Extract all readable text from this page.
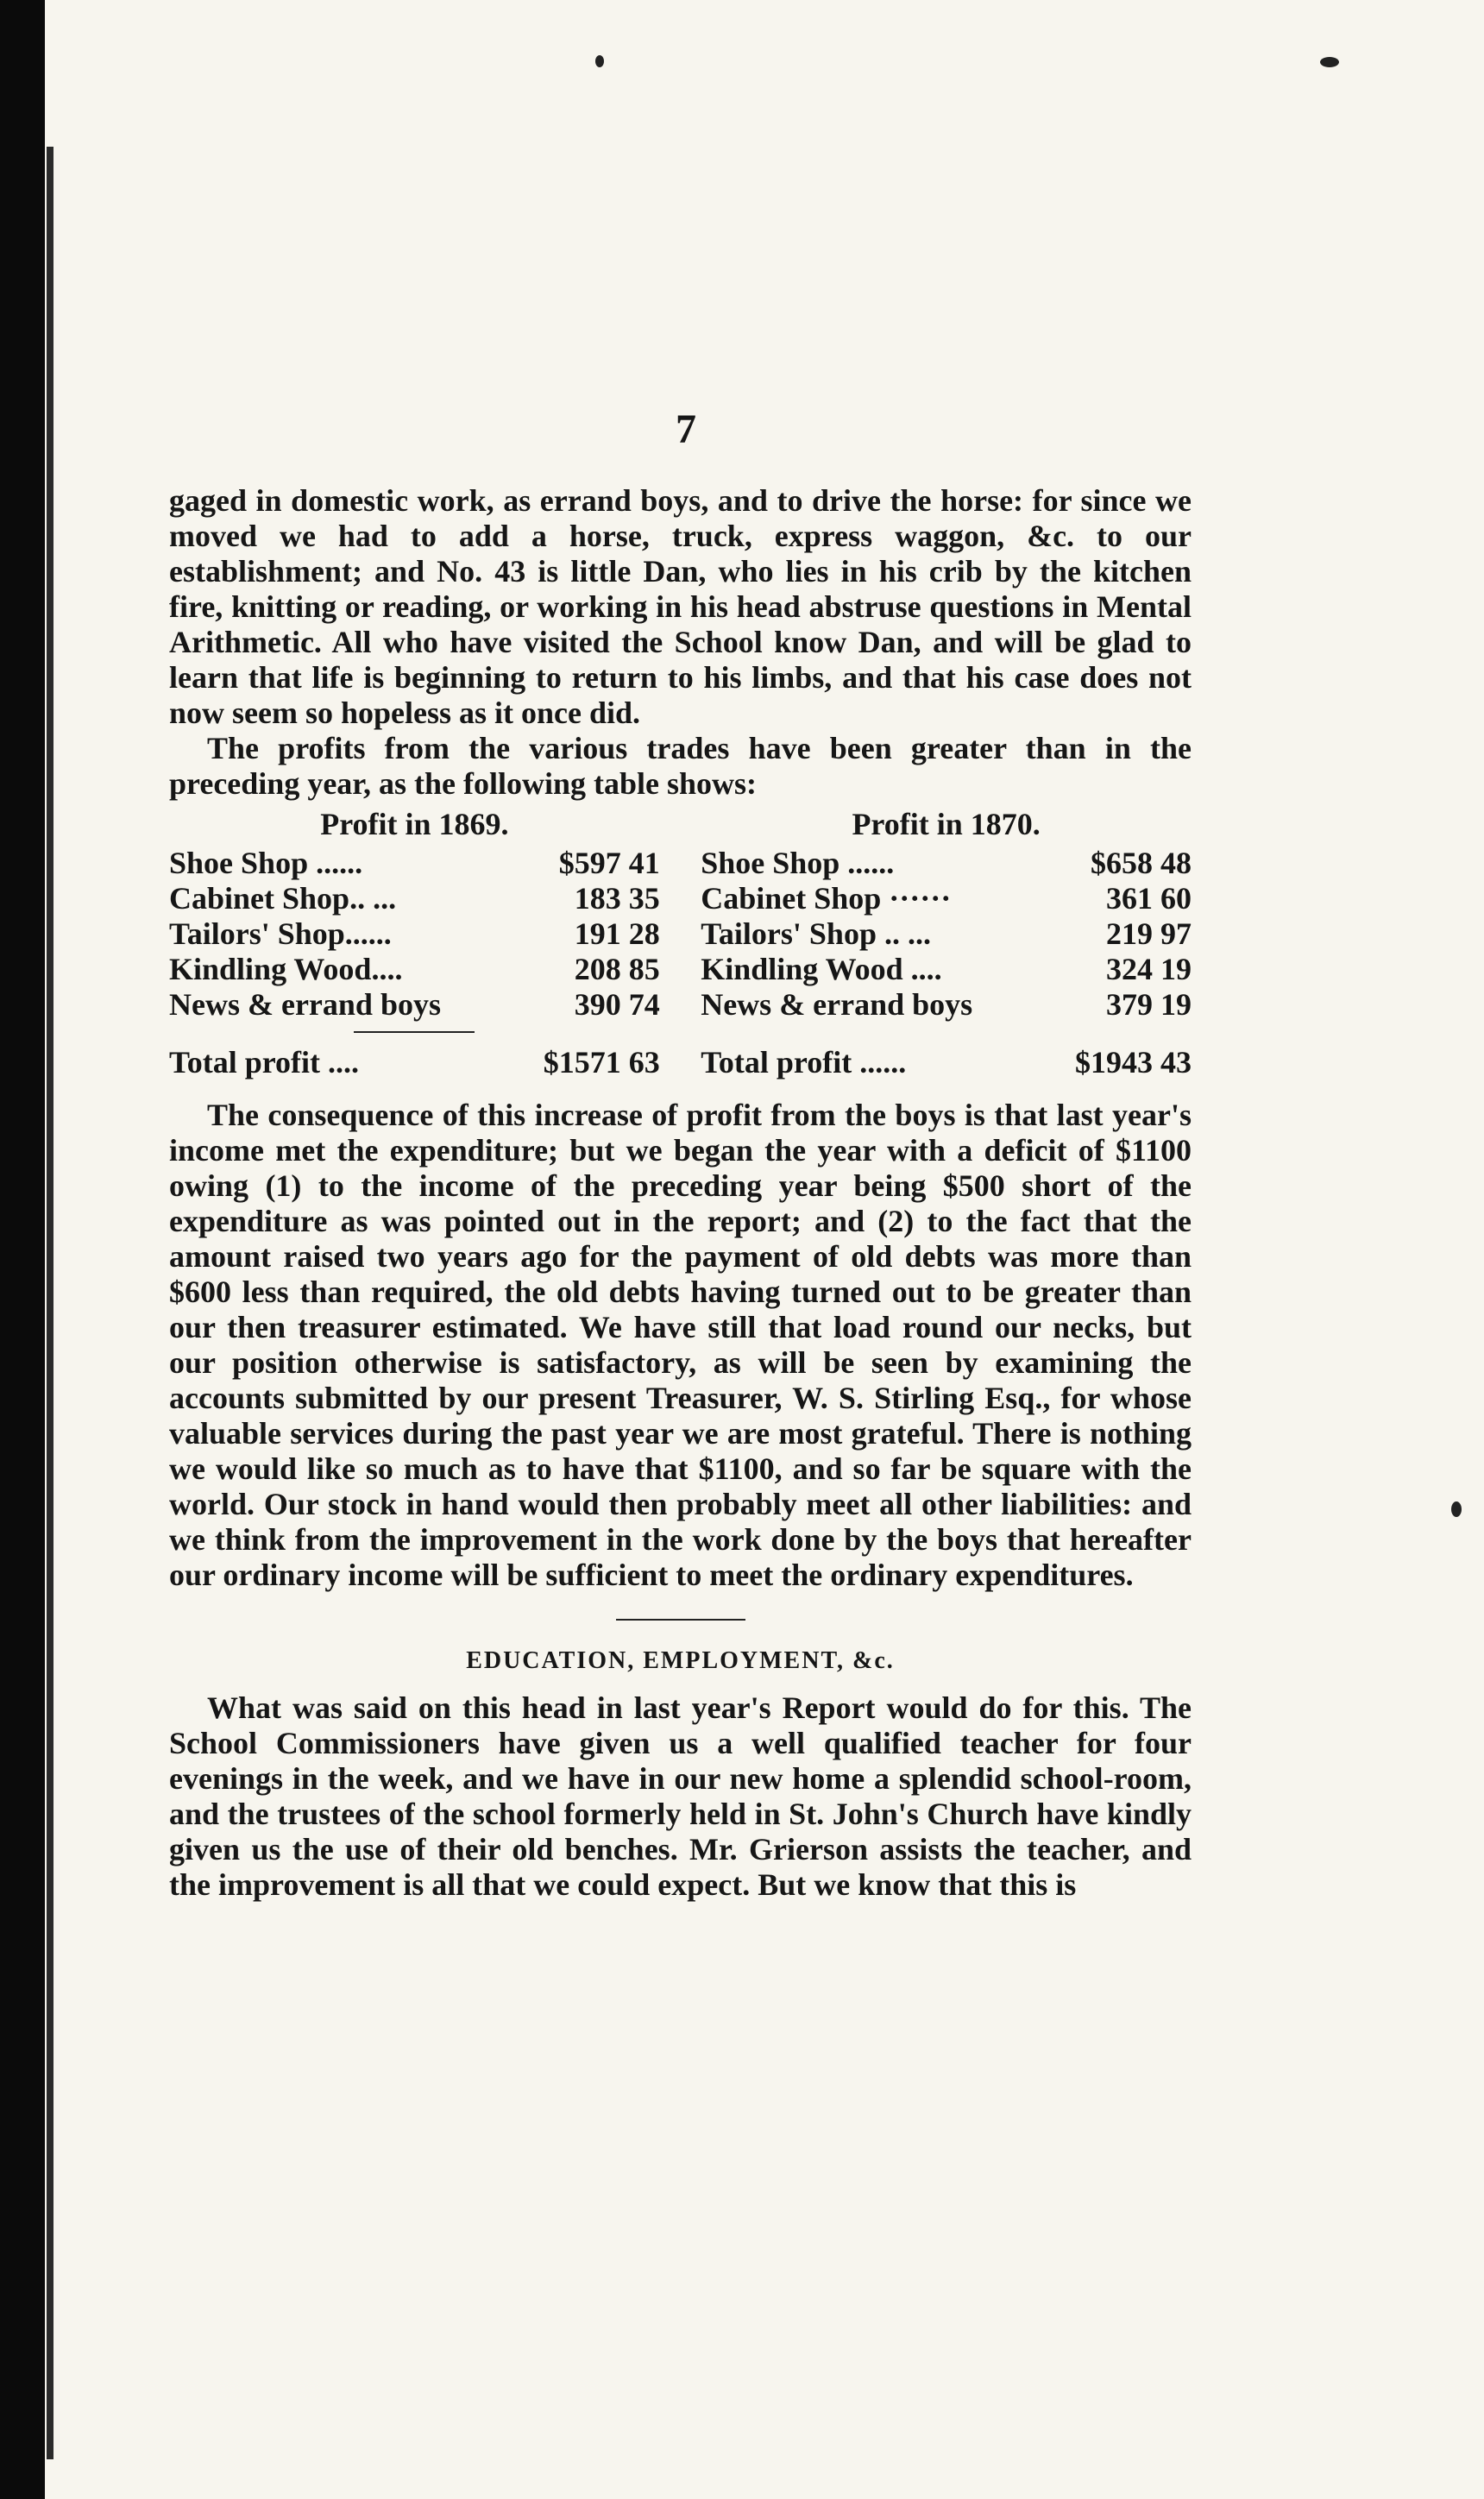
7

gaged in domestic work, as errand boys, and to drive the horse: for since we moved we had to add a horse, truck, express waggon, &c. to our establishment; and No. 43 is little Dan, who lies in his crib by the kitchen fire, knitting or reading, or working in his head abstruse questions in Mental Arithmetic. All who have visited the School know Dan, and will be glad to learn that life is beginning to return to his limbs, and that his case does not now seem so hopeless as it once did.

The profits from the various trades have been greater than in the preceding year, as the following table shows:

Profit in 1869.
Shoe Shop ......	$597 41
Cabinet Shop.. ...	183 35
Tailors' Shop......	191 28
Kindling Wood....	208 85
News & errand boys	390 74
Total profit ....	$1571 63
Profit in 1870.
Shoe Shop ......	$658 48
Cabinet Shop ······	361 60
Tailors' Shop .. ...	219 97
Kindling Wood ....	324 19
News & errand boys	379 19
Total profit ......	$1943 43

The consequence of this increase of profit from the boys is that last year's income met the expenditure; but we began the year with a deficit of $1100 owing (1) to the income of the preceding year being $500 short of the expenditure as was pointed out in the report; and (2) to the fact that the amount raised two years ago for the payment of old debts was more than $600 less than required, the old debts having turned out to be greater than our then treasurer estimated. We have still that load round our necks, but our position otherwise is satisfactory, as will be seen by examining the accounts submitted by our present Treasurer, W. S. Stirling Esq., for whose valuable services during the past year we are most grateful. There is nothing we would like so much as to have that $1100, and so far be square with the world. Our stock in hand would then probably meet all other liabilities: and we think from the improvement in the work done by the boys that hereafter our ordinary income will be sufficient to meet the ordinary expenditures.

EDUCATION, EMPLOYMENT, &c.

What was said on this head in last year's Report would do for this. The School Commissioners have given us a well qualified teacher for four evenings in the week, and we have in our new home a splendid school-room, and the trustees of the school formerly held in St. John's Church have kindly given us the use of their old benches. Mr. Grierson assists the teacher, and the improvement is all that we could expect. But we know that this is
